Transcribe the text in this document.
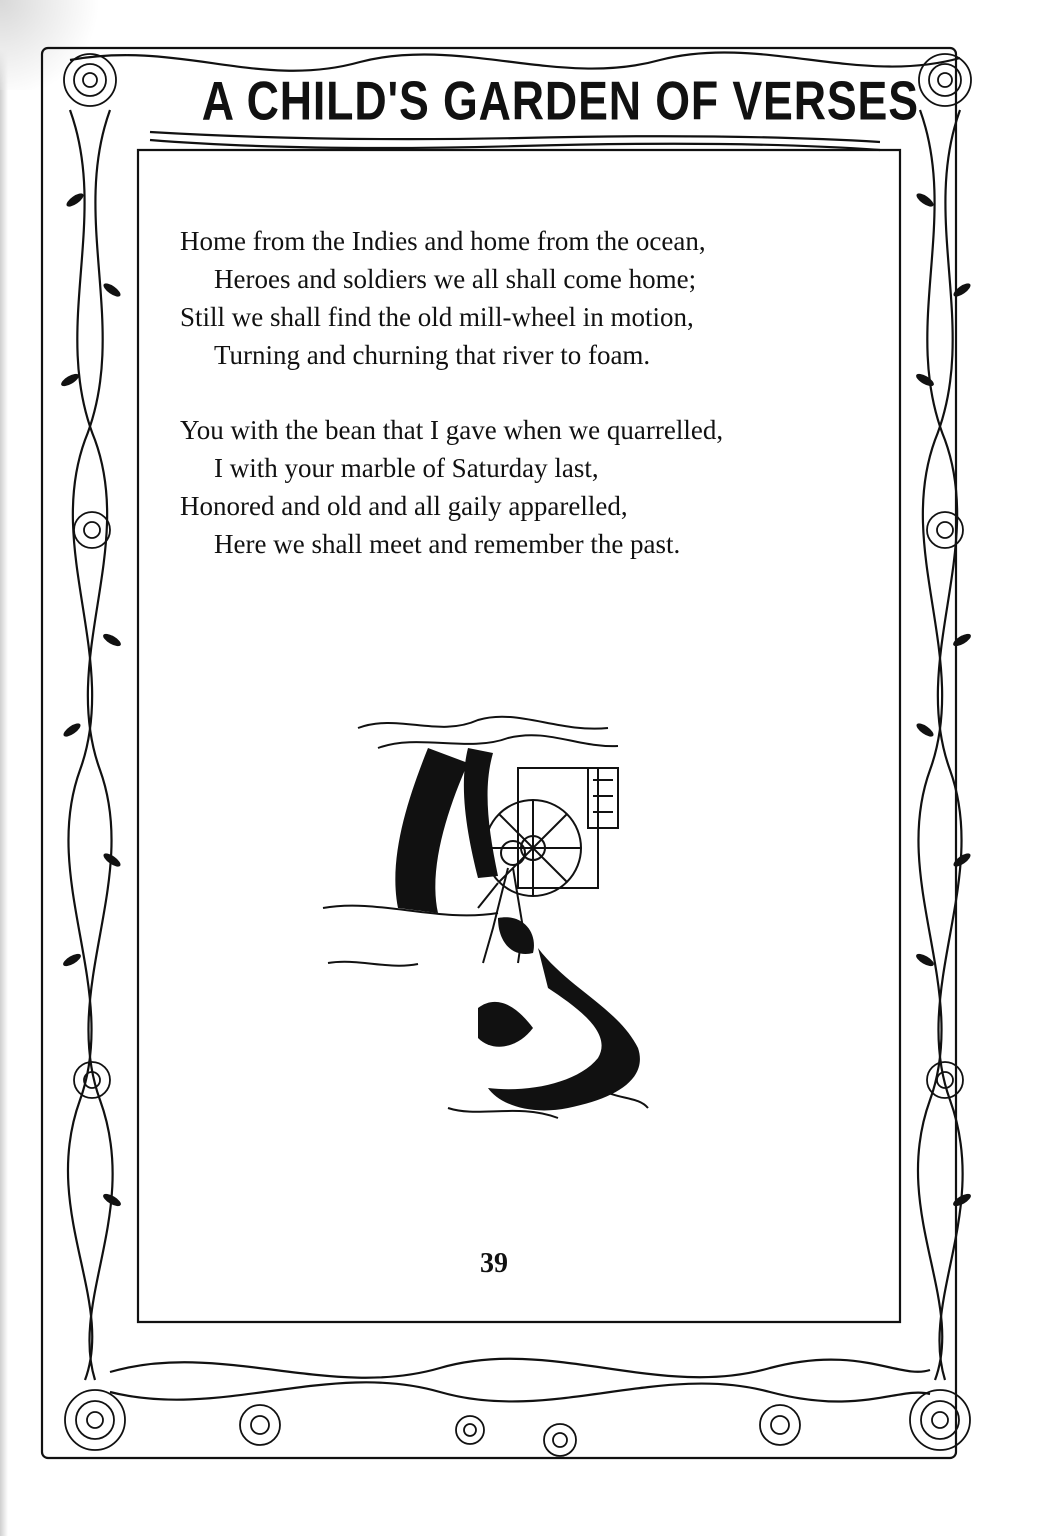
A CHILD'S GARDEN OF VERSES
Home from the Indies and home from the ocean,
Heroes and soldiers we all shall come home;
Still we shall find the old mill-wheel in motion,
Turning and churning that river to foam.
You with the bean that I gave when we quarrelled,
I with your marble of Saturday last,
Honored and old and all gaily apparelled,
Here we shall meet and remember the past.
39
